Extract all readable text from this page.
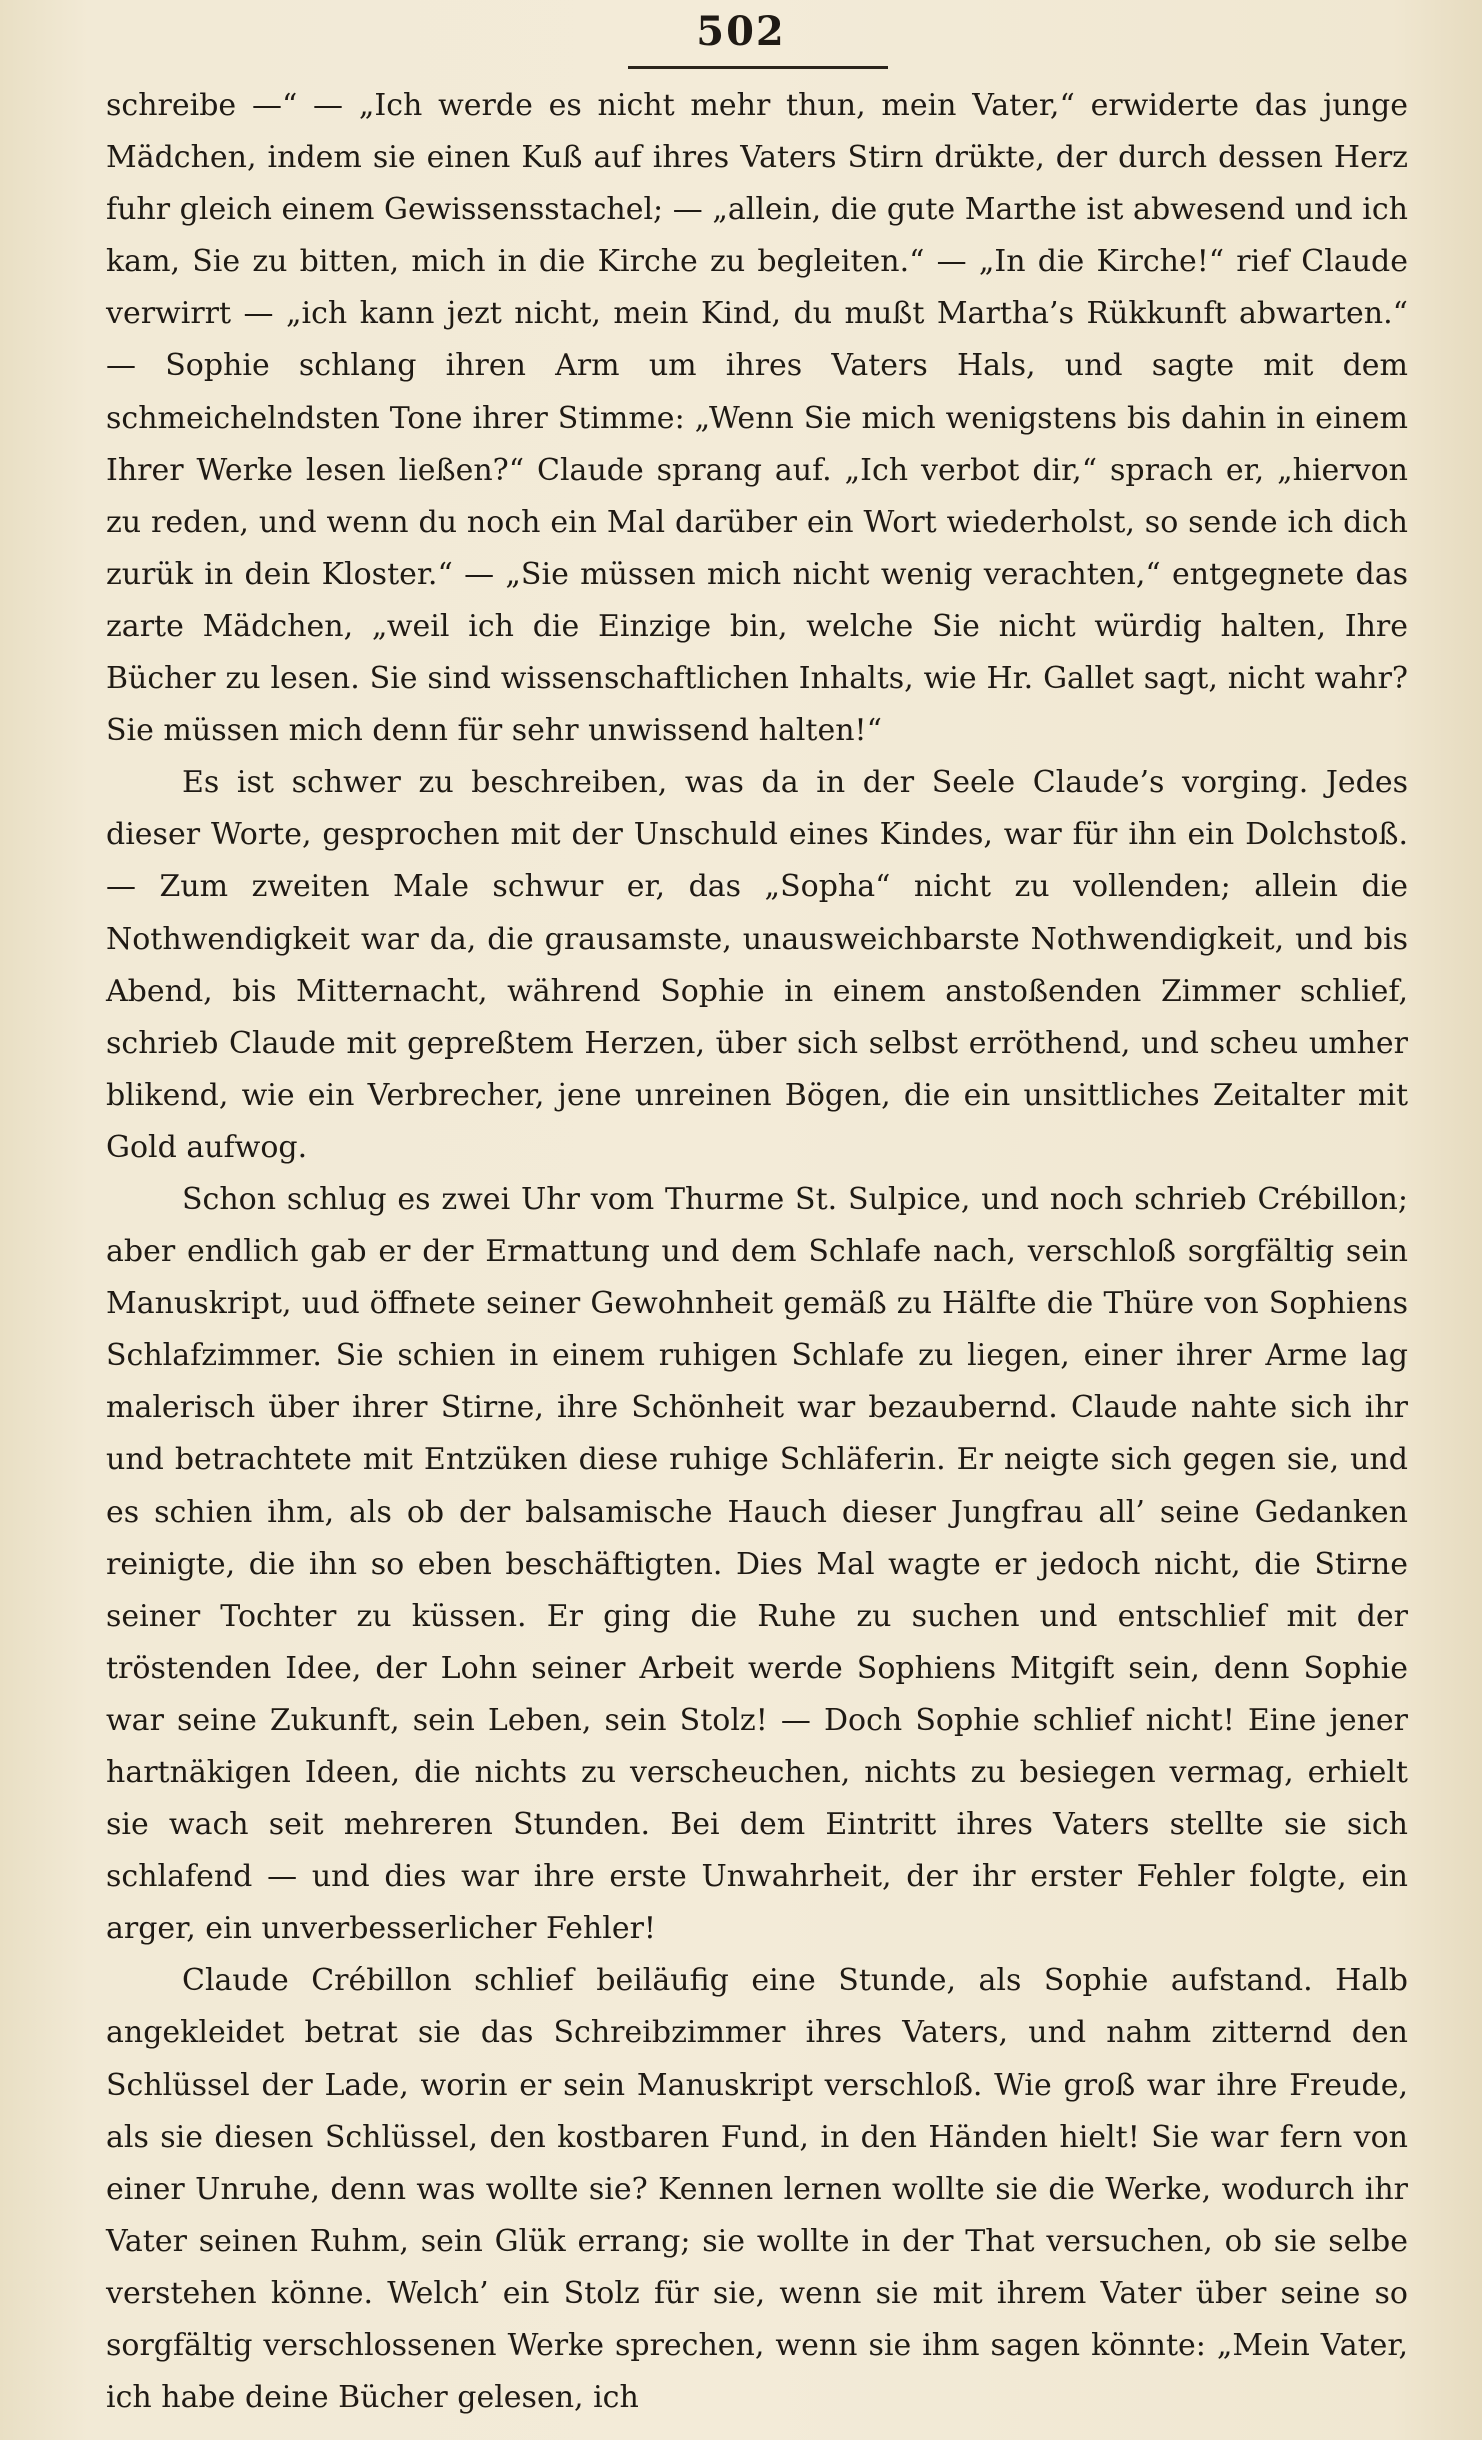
502

schreibe —“ — „Ich werde es nicht mehr thun, mein Vater,“ erwiderte das junge Mädchen, indem sie einen Kuß auf ihres Vaters Stirn drükte, der durch dessen Herz fuhr gleich einem Gewissensstachel; — „allein, die gute Marthe ist abwesend und ich kam, Sie zu bitten, mich in die Kirche zu begleiten.“ — „In die Kirche!“ rief Claude verwirrt — „ich kann jezt nicht, mein Kind, du mußt Martha’s Rükkunft abwarten.“ — Sophie schlang ihren Arm um ihres Vaters Hals, und sagte mit dem schmeichelndsten Tone ihrer Stimme: „Wenn Sie mich wenigstens bis dahin in einem Ihrer Werke lesen ließen?“ Claude sprang auf. „Ich verbot dir,“ sprach er, „hiervon zu reden, und wenn du noch ein Mal darüber ein Wort wiederholst, so sende ich dich zurük in dein Kloster.“ — „Sie müssen mich nicht wenig verachten,“ entgegnete das zarte Mädchen, „weil ich die Einzige bin, welche Sie nicht würdig halten, Ihre Bücher zu lesen. Sie sind wissenschaftlichen Inhalts, wie Hr. Gallet sagt, nicht wahr? Sie müssen mich denn für sehr unwissend halten!“

Es ist schwer zu beschreiben, was da in der Seele Claude’s vorging. Jedes dieser Worte, gesprochen mit der Unschuld eines Kindes, war für ihn ein Dolchstoß. — Zum zweiten Male schwur er, das „Sopha“ nicht zu vollenden; allein die Nothwendigkeit war da, die grausamste, unausweichbarste Nothwendigkeit, und bis Abend, bis Mitternacht, während Sophie in einem anstoßenden Zimmer schlief, schrieb Claude mit gepreßtem Herzen, über sich selbst erröthend, und scheu umher blikend, wie ein Verbrecher, jene unreinen Bögen, die ein unsittliches Zeitalter mit Gold aufwog.

Schon schlug es zwei Uhr vom Thurme St. Sulpice, und noch schrieb Crébillon; aber endlich gab er der Ermattung und dem Schlafe nach, verschloß sorgfältig sein Manuskript, uud öffnete seiner Gewohnheit gemäß zu Hälfte die Thüre von Sophiens Schlafzimmer. Sie schien in einem ruhigen Schlafe zu liegen, einer ihrer Arme lag malerisch über ihrer Stirne, ihre Schönheit war bezaubernd. Claude nahte sich ihr und betrachtete mit Entzüken diese ruhige Schläferin. Er neigte sich gegen sie, und es schien ihm, als ob der balsamische Hauch dieser Jungfrau all’ seine Gedanken reinigte, die ihn so eben beschäftigten. Dies Mal wagte er jedoch nicht, die Stirne seiner Tochter zu küssen. Er ging die Ruhe zu suchen und entschlief mit der tröstenden Idee, der Lohn seiner Arbeit werde Sophiens Mitgift sein, denn Sophie war seine Zukunft, sein Leben, sein Stolz! — Doch Sophie schlief nicht! Eine jener hartnäkigen Ideen, die nichts zu verscheuchen, nichts zu besiegen vermag, erhielt sie wach seit mehreren Stunden. Bei dem Eintritt ihres Vaters stellte sie sich schlafend — und dies war ihre erste Unwahrheit, der ihr erster Fehler folgte, ein arger, ein unverbesserlicher Fehler!

Claude Crébillon schlief beiläufig eine Stunde, als Sophie aufstand. Halb angekleidet betrat sie das Schreibzimmer ihres Vaters, und nahm zitternd den Schlüssel der Lade, worin er sein Manuskript verschloß. Wie groß war ihre Freude, als sie diesen Schlüssel, den kostbaren Fund, in den Händen hielt! Sie war fern von einer Unruhe, denn was wollte sie? Kennen lernen wollte sie die Werke, wodurch ihr Vater seinen Ruhm, sein Glük errang; sie wollte in der That versuchen, ob sie selbe verstehen könne. Welch’ ein Stolz für sie, wenn sie mit ihrem Vater über seine so sorgfältig verschlossenen Werke sprechen, wenn sie ihm sagen könnte: „Mein Vater, ich habe deine Bücher gelesen, ich
